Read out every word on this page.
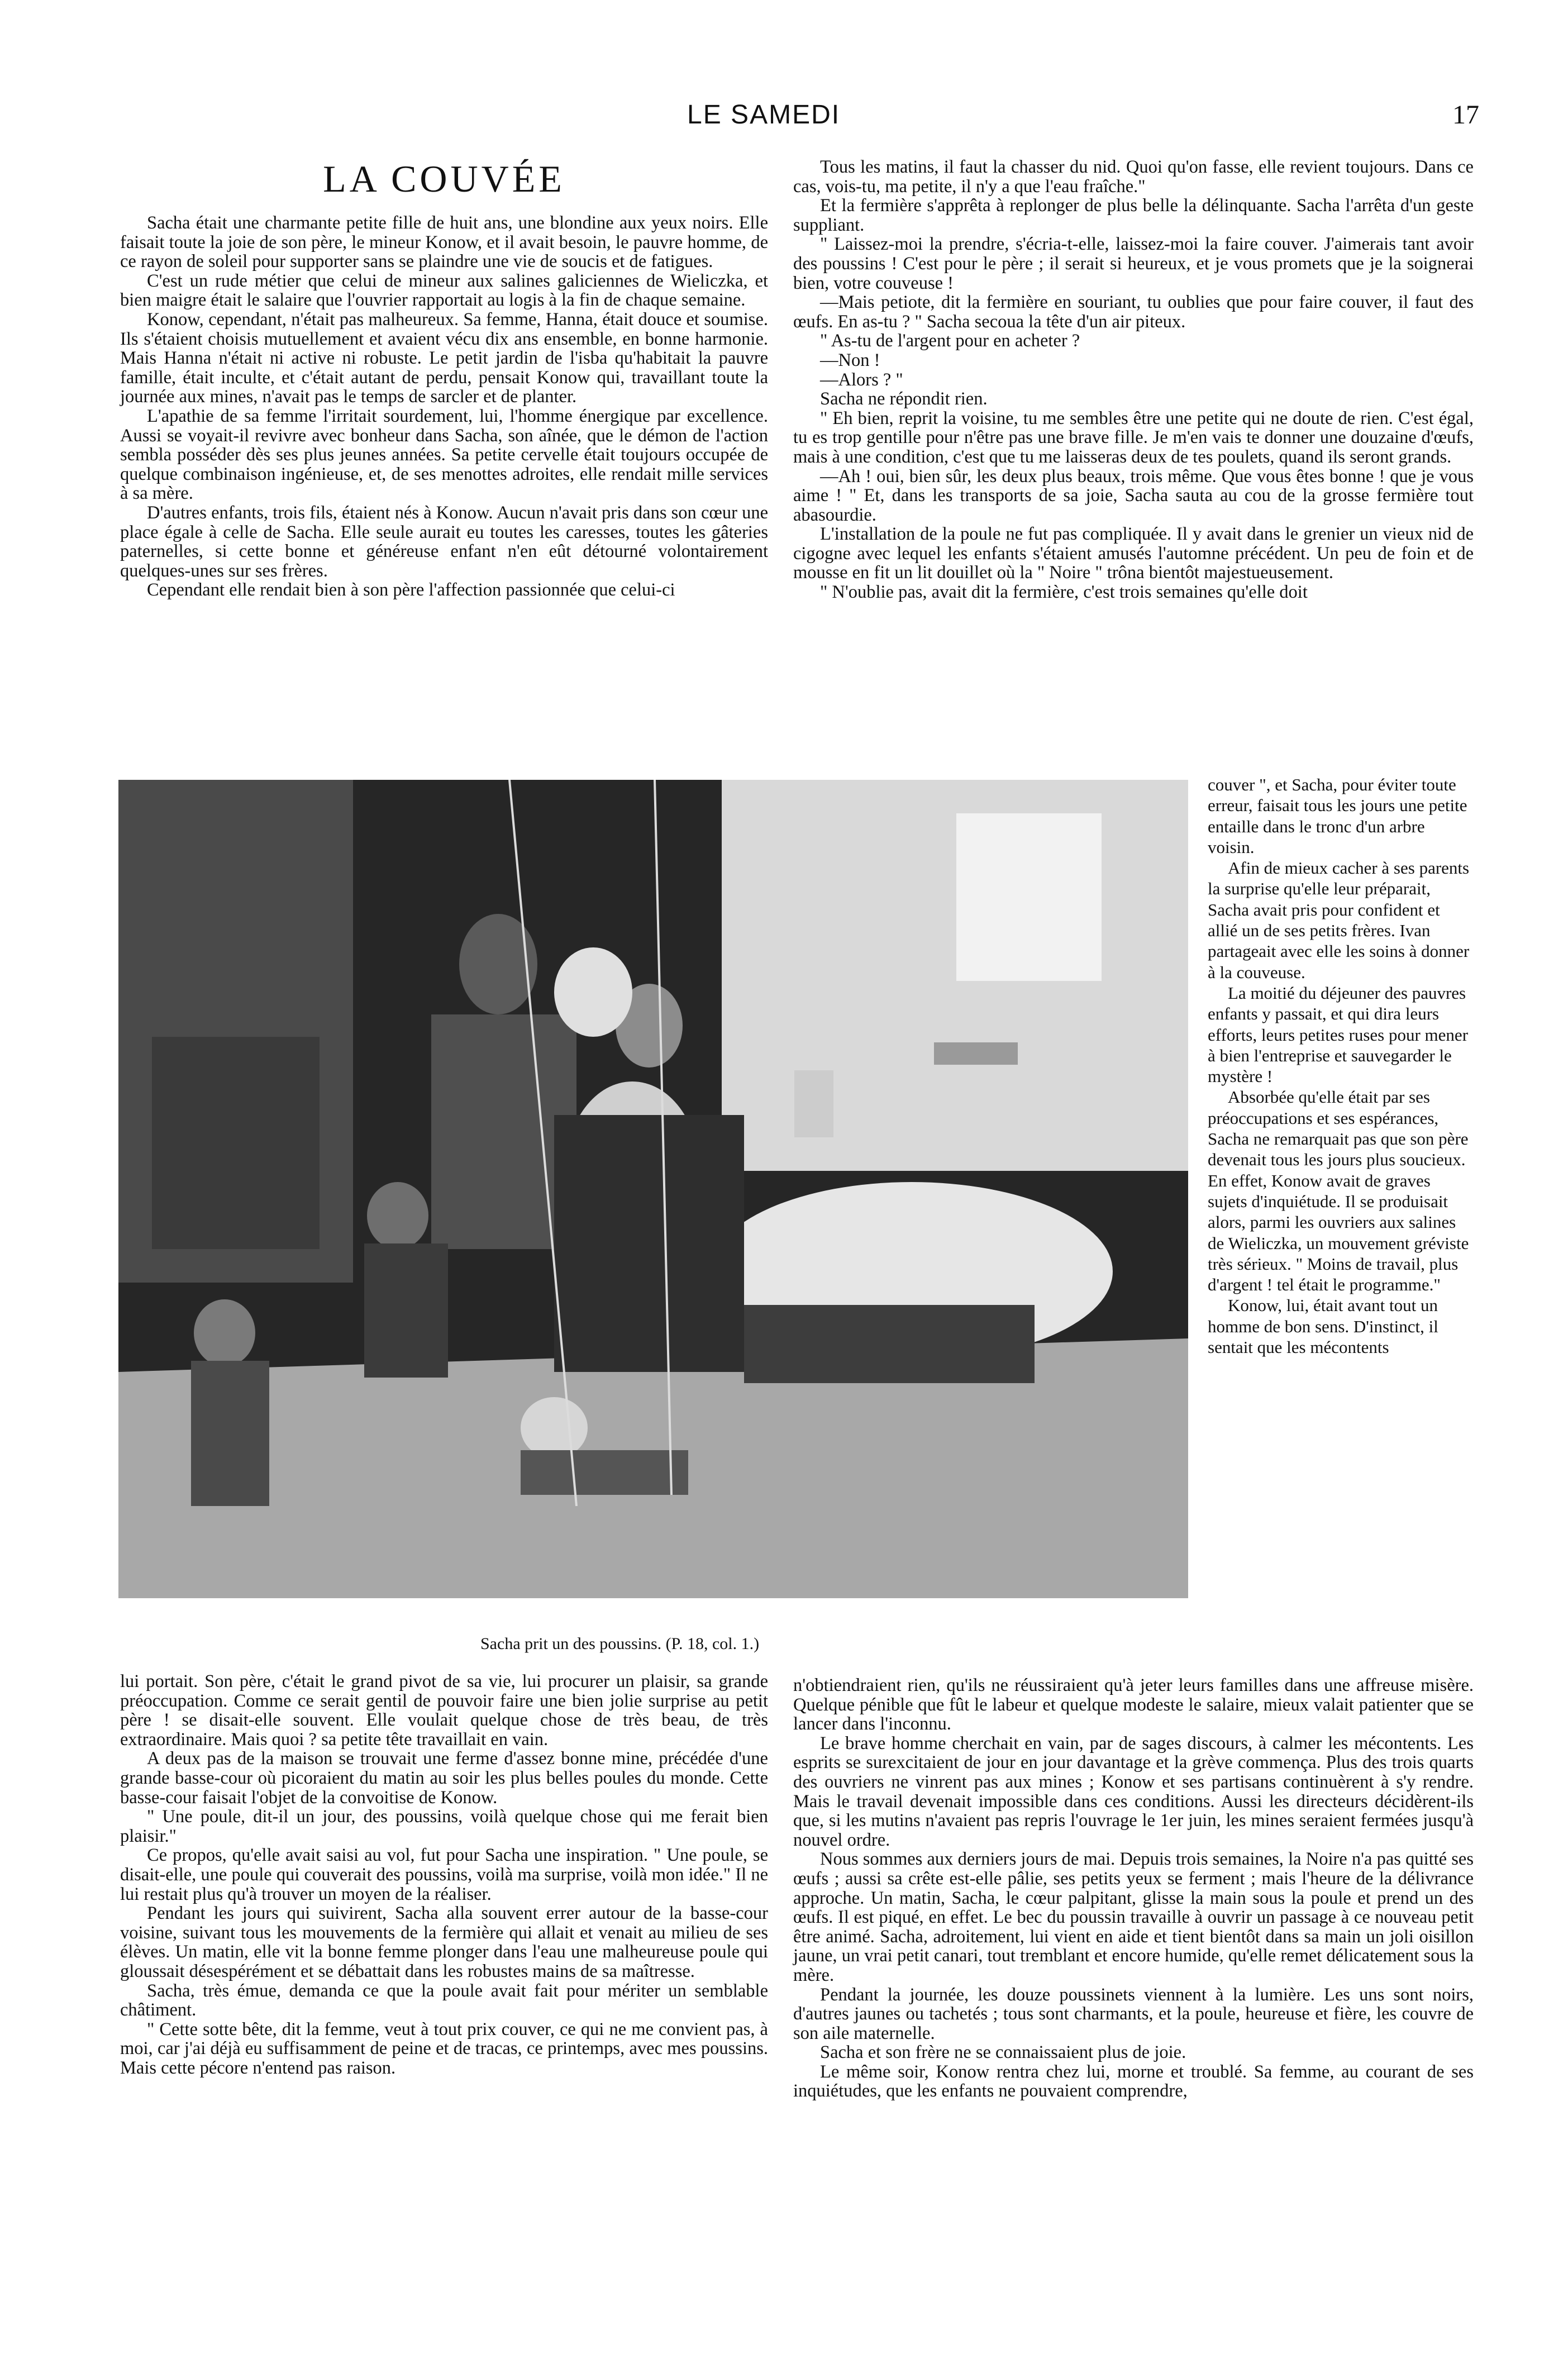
LE SAMEDI	17
LA COUVÉE

Sacha était une charmante petite fille de huit ans, une blondine aux yeux noirs. Elle faisait toute la joie de son père, le mineur Konow, et il avait besoin, le pauvre homme, de ce rayon de soleil pour supporter sans se plaindre une vie de soucis et de fatigues.

C'est un rude métier que celui de mineur aux salines galiciennes de Wieliczka, et bien maigre était le salaire que l'ouvrier rapportait au logis à la fin de chaque semaine.

Konow, cependant, n'était pas malheureux. Sa femme, Hanna, était douce et soumise. Ils s'étaient choisis mutuellement et avaient vécu dix ans ensemble, en bonne harmonie. Mais Hanna n'était ni active ni robuste. Le petit jardin de l'isba qu'habitait la pauvre famille, était inculte, et c'était autant de perdu, pensait Konow qui, travaillant toute la journée aux mines, n'avait pas le temps de sarcler et de planter.

L'apathie de sa femme l'irritait sourdement, lui, l'homme énergique par excellence. Aussi se voyait-il revivre avec bonheur dans Sacha, son aînée, que le démon de l'action sembla posséder dès ses plus jeunes années. Sa petite cervelle était toujours occupée de quelque combinaison ingénieuse, et, de ses menottes adroites, elle rendait mille services à sa mère.

D'autres enfants, trois fils, étaient nés à Konow. Aucun n'avait pris dans son cœur une place égale à celle de Sacha. Elle seule aurait eu toutes les caresses, toutes les gâteries paternelles, si cette bonne et généreuse enfant n'en eût détourné volontairement quelques-unes sur ses frères.

Cependant elle rendait bien à son père l'affection passionnée que celui-ci

Tous les matins, il faut la chasser du nid. Quoi qu'on fasse, elle revient toujours. Dans ce cas, vois-tu, ma petite, il n'y a que l'eau fraîche."

Et la fermière s'apprêta à replonger de plus belle la délinquante. Sacha l'arrêta d'un geste suppliant.

" Laissez-moi la prendre, s'écria-t-elle, laissez-moi la faire couver. J'aimerais tant avoir des poussins ! C'est pour le père ; il serait si heureux, et je vous promets que je la soignerai bien, votre couveuse !

—Mais petiote, dit la fermière en souriant, tu oublies que pour faire couver, il faut des œufs. En as-tu ? " Sacha secoua la tête d'un air piteux.

" As-tu de l'argent pour en acheter ?

—Non !

—Alors ? "

Sacha ne répondit rien.

" Eh bien, reprit la voisine, tu me sembles être une petite qui ne doute de rien. C'est égal, tu es trop gentille pour n'être pas une brave fille. Je m'en vais te donner une douzaine d'œufs, mais à une condition, c'est que tu me laisseras deux de tes poulets, quand ils seront grands.

—Ah ! oui, bien sûr, les deux plus beaux, trois même. Que vous êtes bonne ! que je vous aime ! " Et, dans les transports de sa joie, Sacha sauta au cou de la grosse fermière tout abasourdie.

L'installation de la poule ne fut pas compliquée. Il y avait dans le grenier un vieux nid de cigogne avec lequel les enfants s'étaient amusés l'automne précédent. Un peu de foin et de mousse en fit un lit douillet où la " Noire " trôna bientôt majestueusement.

" N'oublie pas, avait dit la fermière, c'est trois semaines qu'elle doit

couver ", et Sacha, pour éviter toute erreur, faisait tous les jours une petite entaille dans le tronc d'un arbre voisin.

Afin de mieux cacher à ses parents la surprise qu'elle leur préparait, Sacha avait pris pour confident et allié un de ses petits frères. Ivan partageait avec elle les soins à donner à la couveuse.

La moitié du déjeuner des pauvres enfants y passait, et qui dira leurs efforts, leurs petites ruses pour mener à bien l'entreprise et sauvegarder le mystère !

Absorbée qu'elle était par ses préoccupations et ses espérances, Sacha ne remarquait pas que son père devenait tous les jours plus soucieux. En effet, Konow avait de graves sujets d'inquiétude. Il se produisait alors, parmi les ouvriers aux salines de Wieliczka, un mouvement gréviste très sérieux. " Moins de travail, plus d'argent ! tel était le programme."

Konow, lui, était avant tout un homme de bon sens. D'instinct, il sentait que les mécontents

Sacha prit un des poussins. (P. 18, col. 1.)

lui portait. Son père, c'était le grand pivot de sa vie, lui procurer un plaisir, sa grande préoccupation. Comme ce serait gentil de pouvoir faire une bien jolie surprise au petit père ! se disait-elle souvent. Elle voulait quelque chose de très beau, de très extraordinaire. Mais quoi ? sa petite tête travaillait en vain.

A deux pas de la maison se trouvait une ferme d'assez bonne mine, précédée d'une grande basse-cour où picoraient du matin au soir les plus belles poules du monde. Cette basse-cour faisait l'objet de la convoitise de Konow.

" Une poule, dit-il un jour, des poussins, voilà quelque chose qui me ferait bien plaisir."

Ce propos, qu'elle avait saisi au vol, fut pour Sacha une inspiration. " Une poule, se disait-elle, une poule qui couverait des poussins, voilà ma surprise, voilà mon idée." Il ne lui restait plus qu'à trouver un moyen de la réaliser.

Pendant les jours qui suivirent, Sacha alla souvent errer autour de la basse-cour voisine, suivant tous les mouvements de la fermière qui allait et venait au milieu de ses élèves. Un matin, elle vit la bonne femme plonger dans l'eau une malheureuse poule qui gloussait désespérément et se débattait dans les robustes mains de sa maîtresse.

Sacha, très émue, demanda ce que la poule avait fait pour mériter un semblable châtiment.

" Cette sotte bête, dit la femme, veut à tout prix couver, ce qui ne me convient pas, à moi, car j'ai déjà eu suffisamment de peine et de tracas, ce printemps, avec mes poussins. Mais cette pécore n'entend pas raison.

n'obtiendraient rien, qu'ils ne réussiraient qu'à jeter leurs familles dans une affreuse misère. Quelque pénible que fût le labeur et quelque modeste le salaire, mieux valait patienter que se lancer dans l'inconnu.

Le brave homme cherchait en vain, par de sages discours, à calmer les mécontents. Les esprits se surexcitaient de jour en jour davantage et la grève commença. Plus des trois quarts des ouvriers ne vinrent pas aux mines ; Konow et ses partisans continuèrent à s'y rendre. Mais le travail devenait impossible dans ces conditions. Aussi les directeurs décidèrent-ils que, si les mutins n'avaient pas repris l'ouvrage le 1er juin, les mines seraient fermées jusqu'à nouvel ordre.

Nous sommes aux derniers jours de mai. Depuis trois semaines, la Noire n'a pas quitté ses œufs ; aussi sa crête est-elle pâlie, ses petits yeux se ferment ; mais l'heure de la délivrance approche. Un matin, Sacha, le cœur palpitant, glisse la main sous la poule et prend un des œufs. Il est piqué, en effet. Le bec du poussin travaille à ouvrir un passage à ce nouveau petit être animé. Sacha, adroitement, lui vient en aide et tient bientôt dans sa main un joli oisillon jaune, un vrai petit canari, tout tremblant et encore humide, qu'elle remet délicatement sous la mère.

Pendant la journée, les douze poussinets viennent à la lumière. Les uns sont noirs, d'autres jaunes ou tachetés ; tous sont charmants, et la poule, heureuse et fière, les couvre de son aile maternelle.

Sacha et son frère ne se connaissaient plus de joie.

Le même soir, Konow rentra chez lui, morne et troublé. Sa femme, au courant de ses inquiétudes, que les enfants ne pouvaient comprendre,
